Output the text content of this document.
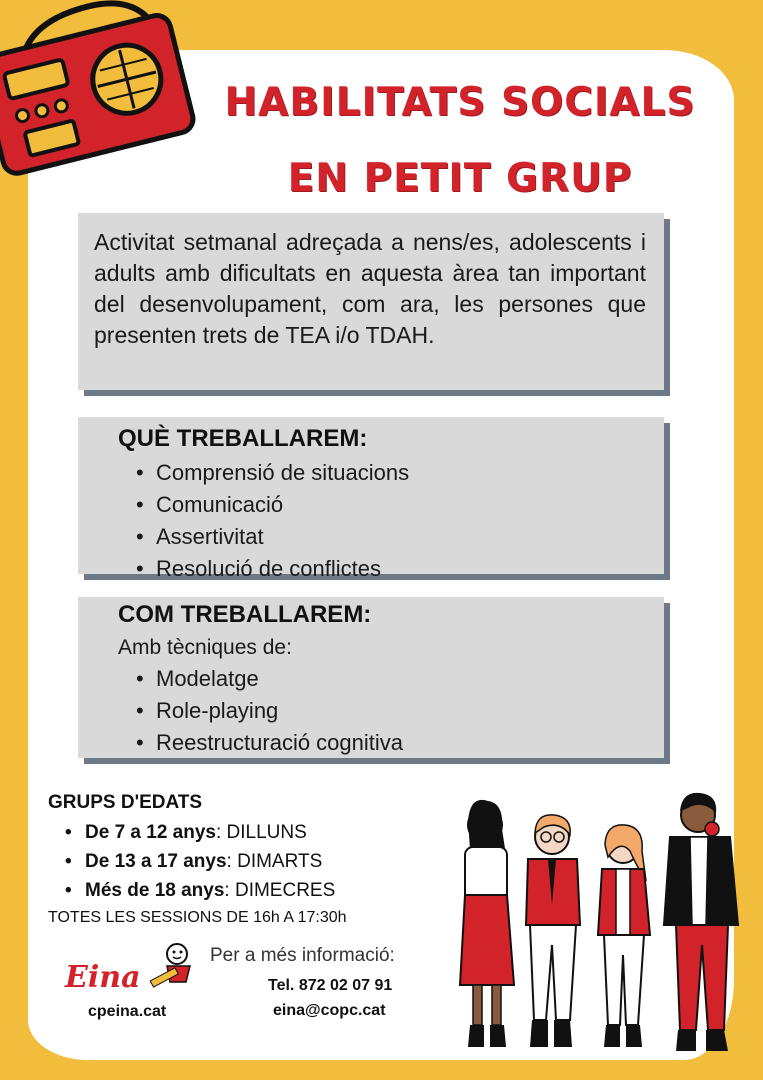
HABILITATS SOCIALS
EN PETIT GRUP

Activitat setmanal adreçada a nens/es, adolescents i adults amb dificultats en aquesta àrea tan important del desenvolupament, com ara, les persones que presenten trets de TEA i/o TDAH.

QUÈ TREBALLAREM:
• Comprensió de situacions
• Comunicació
• Assertivitat
• Resolució de conflictes
COM TREBALLAREM:
Amb tècniques de:
• Modelatge
• Role-playing
• Reestructuració cognitiva
GRUPS D'EDATS
• De 7 a 12 anys: DILLUNS
• De 13 a 17 anys: DIMARTS
• Més de 18 anys: DIMECRES
TOTES LES SESSIONS DE 16h A 17:30h
Eina
cpeina.cat
Per a més informació:
Tel. 872 02 07 91
eina@copc.cat
